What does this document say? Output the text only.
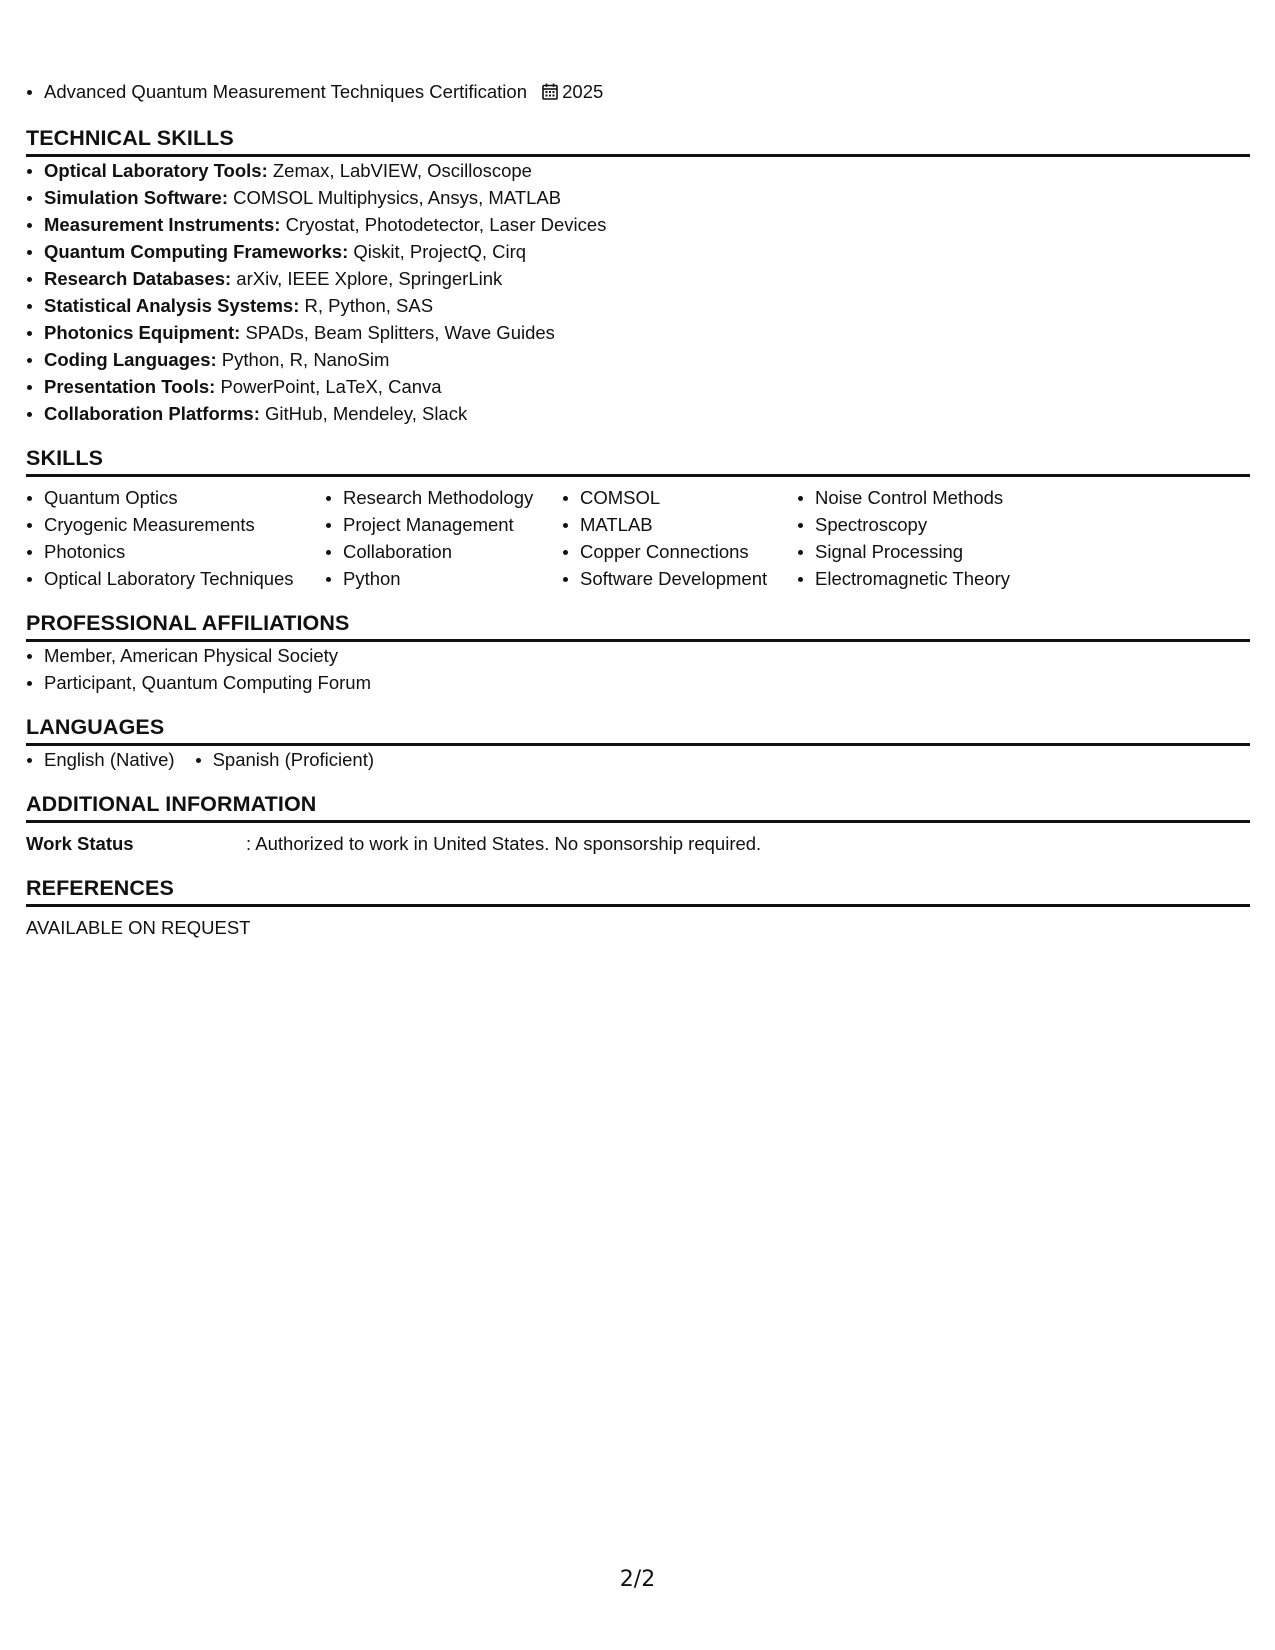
Advanced Quantum Measurement Techniques Certification 2025
TECHNICAL SKILLS
Optical Laboratory Tools: Zemax, LabVIEW, Oscilloscope
Simulation Software: COMSOL Multiphysics, Ansys, MATLAB
Measurement Instruments: Cryostat, Photodetector, Laser Devices
Quantum Computing Frameworks: Qiskit, ProjectQ, Cirq
Research Databases: arXiv, IEEE Xplore, SpringerLink
Statistical Analysis Systems: R, Python, SAS
Photonics Equipment: SPADs, Beam Splitters, Wave Guides
Coding Languages: Python, R, NanoSim
Presentation Tools: PowerPoint, LaTeX, Canva
Collaboration Platforms: GitHub, Mendeley, Slack
SKILLS
Quantum Optics
Cryogenic Measurements
Photonics
Optical Laboratory Techniques
Research Methodology
Project Management
Collaboration
Python
COMSOL
MATLAB
Copper Connections
Software Development
Noise Control Methods
Spectroscopy
Signal Processing
Electromagnetic Theory
PROFESSIONAL AFFILIATIONS
Member, American Physical Society
Participant, Quantum Computing Forum
LANGUAGES
English (Native)	Spanish (Proficient)
ADDITIONAL INFORMATION
Work Status	: Authorized to work in United States. No sponsorship required.
REFERENCES
AVAILABLE ON REQUEST
2/2
